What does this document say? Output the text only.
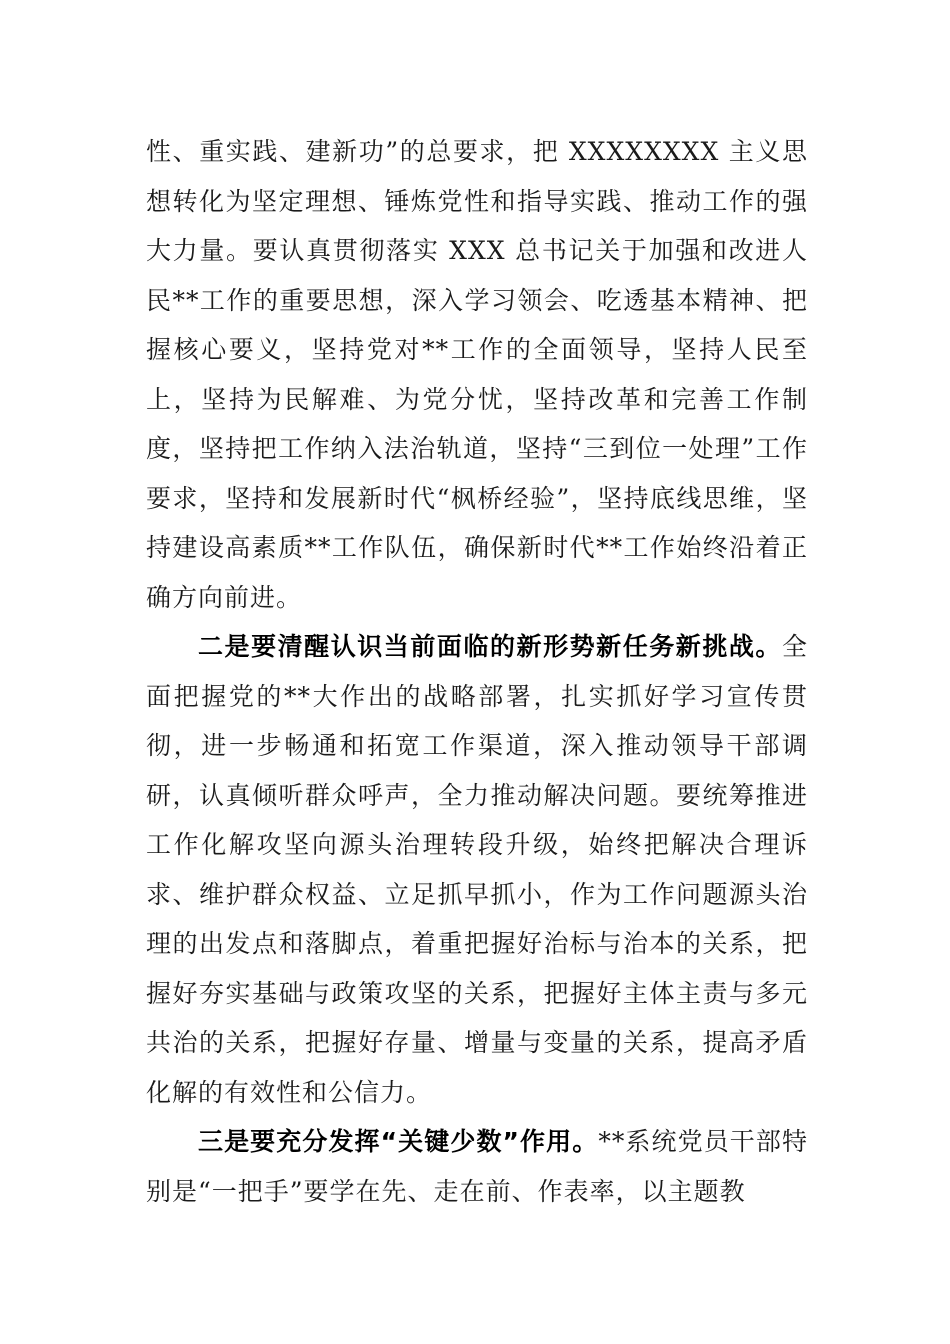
性、重实践、建新功”的总要求，把 XXXXXXXX 主义思想转化为坚定理想、锤炼党性和指导实践、推动工作的强大力量。要认真贯彻落实 XXX 总书记关于加强和改进人民**工作的重要思想，深入学习领会、吃透基本精神、把握核心要义，坚持党对**工作的全面领导，坚持人民至上，坚持为民解难、为党分忧，坚持改革和完善工作制度，坚持把工作纳入法治轨道，坚持“三到位一处理”工作要求，坚持和发展新时代“枫桥经验”，坚持底线思维，坚持建设高素质**工作队伍，确保新时代**工作始终沿着正确方向前进。

二是要清醒认识当前面临的新形势新任务新挑战。全面把握党的**大作出的战略部署，扎实抓好学习宣传贯彻，进一步畅通和拓宽工作渠道，深入推动领导干部调研，认真倾听群众呼声，全力推动解决问题。要统筹推进工作化解攻坚向源头治理转段升级，始终把解决合理诉求、维护群众权益、立足抓早抓小，作为工作问题源头治理的出发点和落脚点，着重把握好治标与治本的关系，把握好夯实基础与政策攻坚的关系，把握好主体主责与多元共治的关系，把握好存量、增量与变量的关系，提高矛盾化解的有效性和公信力。

三是要充分发挥“关键少数”作用。**系统党员干部特别是“一把手”要学在先、走在前、作表率，以主题教
